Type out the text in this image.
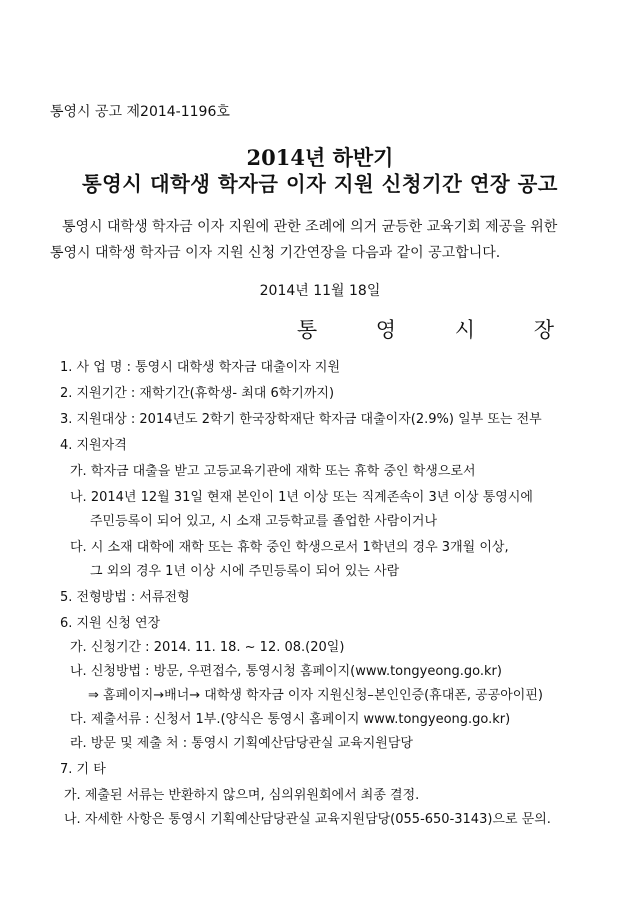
통영시 공고 제2014-1196호
2014년 하반기
통영시 대학생 학자금 이자 지원 신청기간 연장 공고
통영시 대학생 학자금 이자 지원에 관한 조례에 의거 균등한 교육기회 제공을 위한
통영시 대학생 학자금 이자 지원 신청 기간연장을 다음과 같이 공고합니다.
2014년 11월 18일
통 영 시 장
1. 사 업 명 : 통영시 대학생 학자금 대출이자 지원
2. 지원기간 : 재학기간(휴학생- 최대 6학기까지)
3. 지원대상 : 2014년도 2학기 한국장학재단 학자금 대출이자(2.9%) 일부 또는 전부
4. 지원자격
가. 학자금 대출을 받고 고등교육기관에 재학 또는 휴학 중인 학생으로서
나. 2014년 12월 31일 현재 본인이 1년 이상 또는 직계존속이 3년 이상 통영시에
주민등록이 되어 있고, 시 소재 고등학교를 졸업한 사람이거나
다. 시 소재 대학에 재학 또는 휴학 중인 학생으로서 1학년의 경우 3개월 이상,
그 외의 경우 1년 이상 시에 주민등록이 되어 있는 사람
5. 전형방법 : 서류전형
6. 지원 신청 연장
가. 신청기간 : 2014. 11. 18. ~ 12. 08.(20일)
나. 신청방법 : 방문, 우편접수, 통영시청 홈페이지(www.tongyeong.go.kr)
⇒ 홈페이지→배너→ 대학생 학자금 이자 지원신청–본인인증(휴대폰, 공공아이핀)
다. 제출서류 : 신청서 1부.(양식은 통영시 홈페이지 www.tongyeong.go.kr)
라. 방문 및 제출 처 : 통영시 기획예산담당관실 교육지원담당
7. 기 타
가. 제출된 서류는 반환하지 않으며, 심의위원회에서 최종 결정.
나. 자세한 사항은 통영시 기획예산담당관실 교육지원담당(055-650-3143)으로 문의.
